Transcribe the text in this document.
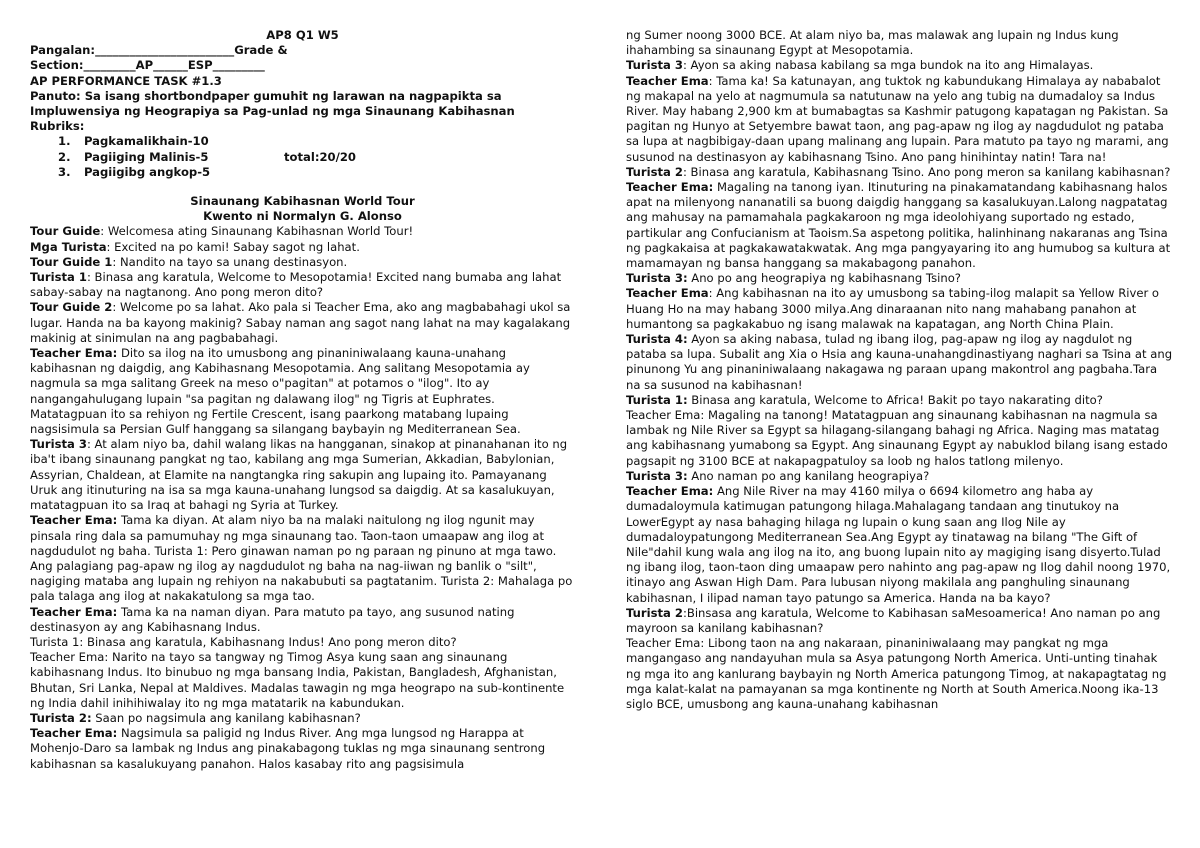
AP8 Q1 W5

Pangalan:________________________Grade &

Section:_________AP______ESP_________

AP PERFORMANCE TASK #1.3

Panuto: Sa isang shortbondpaper gumuhit ng larawan na nagpapikta sa Impluwensiya ng Heograpiya sa Pag-unlad ng mga Sinaunang Kabihasnan

Rubriks:

1. Pagkamalikhain-10
2. Pagiiging Malinis-5	total:20/20
3. Pagiigibg angkop-5

Sinaunang Kabihasnan World Tour

Kwento ni Normalyn G. Alonso

Tour Guide: Welcomesa ating Sinaunang Kabihasnan World Tour!

Mga Turista: Excited na po kami! Sabay sagot ng lahat.

Tour Guide 1: Nandito na tayo sa unang destinasyon.

Turista 1: Binasa ang karatula, Welcome to Mesopotamia! Excited nang bumaba ang lahat

sabay-sabay na nagtanong. Ano pong meron dito?

Tour Guide 2: Welcome po sa lahat. Ako pala si Teacher Ema, ako ang magbabahagi ukol sa lugar. Handa na ba kayong makinig? Sabay naman ang sagot nang lahat na may kagalakang makinig at sinimulan na ang pagbabahagi.

Teacher Ema: Dito sa ilog na ito umusbong ang pinaniniwalaang kauna-unahang kabihasnan ng daigdig, ang Kabihasnang Mesopotamia. Ang salitang Mesopotamia ay nagmula sa mga salitang Greek na meso o"pagitan" at potamos o "ilog". Ito ay nangangahulugang lupain "sa pagitan ng dalawang ilog" ng Tigris at Euphrates. Matatagpuan ito sa rehiyon ng Fertile Crescent, isang paarkong matabang lupaing nagsisimula sa Persian Gulf hanggang sa silangang baybayin ng Mediterranean Sea.

Turista 3: At alam niyo ba, dahil walang likas na hangganan, sinakop at pinanahanan ito ng iba't ibang sinaunang pangkat ng tao, kabilang ang mga Sumerian, Akkadian, Babylonian, Assyrian, Chaldean, at Elamite na nangtangka ring sakupin ang lupaing ito. Pamayanang Uruk ang itinuturing na isa sa mga kauna-unahang lungsod sa daigdig. At sa kasalukuyan, matatagpuan ito sa Iraq at bahagi ng Syria at Turkey.

Teacher Ema: Tama ka diyan. At alam niyo ba na malaki naitulong ng ilog ngunit may pinsala ring dala sa pamumuhay ng mga sinaunang tao. Taon-taon umaapaw ang ilog at nagdudulot ng baha. Turista 1: Pero ginawan naman po ng paraan ng pinuno at mga tawo. Ang palagiang pag-apaw ng ilog ay nagdudulot ng baha na nag-iiwan ng banlik o "silt", nagiging mataba ang lupain ng rehiyon na nakabubuti sa pagtatanim. Turista 2: Mahalaga po pala talaga ang ilog at nakakatulong sa mga tao.

Teacher Ema: Tama ka na naman diyan. Para matuto pa tayo, ang susunod nating destinasyon ay ang Kabihasnang Indus.

Turista 1: Binasa ang karatula, Kabihasnang Indus! Ano pong meron dito?

Teacher Ema: Narito na tayo sa tangway ng Timog Asya kung saan ang sinaunang kabihasnang Indus. Ito binubuo ng mga bansang India, Pakistan, Bangladesh, Afghanistan, Bhutan, Sri Lanka, Nepal at Maldives. Madalas tawagin ng mga heograpo na sub-kontinente ng India dahil inihihiwalay ito ng mga matatarik na kabundukan.

Turista 2: Saan po nagsimula ang kanilang kabihasnan?

Teacher Ema: Nagsimula sa paligid ng Indus River. Ang mga lungsod ng Harappa at Mohenjo-Daro sa lambak ng Indus ang pinakabagong tuklas ng mga sinaunang sentrong kabihasnan sa kasalukuyang panahon. Halos kasabay rito ang pagsisimula

ng Sumer noong 3000 BCE. At alam niyo ba, mas malawak ang lupain ng Indus kung ihahambing sa sinaunang Egypt at Mesopotamia.

Turista 3: Ayon sa aking nabasa kabilang sa mga bundok na ito ang Himalayas.

Teacher Ema: Tama ka! Sa katunayan, ang tuktok ng kabundukang Himalaya ay nababalot ng makapal na yelo at nagmumula sa natutunaw na yelo ang tubig na dumadaloy sa Indus River. May habang 2,900 km at bumabagtas sa Kashmir patugong kapatagan ng Pakistan. Sa pagitan ng Hunyo at Setyembre bawat taon, ang pag-apaw ng ilog ay nagdudulot ng pataba sa lupa at nagbibigay-daan upang malinang ang lupain. Para matuto pa tayo ng marami, ang susunod na destinasyon ay kabihasnang Tsino. Ano pang hinihintay natin! Tara na!

Turista 2: Binasa ang karatula, Kabihasnang Tsino. Ano pong meron sa kanilang kabihasnan?

Teacher Ema: Magaling na tanong iyan. Itinuturing na pinakamatandang kabihasnang halos apat na milenyong nananatili sa buong daigdig hanggang sa kasalukuyan.Lalong nagpatatag ang mahusay na pamamahala pagkakaroon ng mga ideolohiyang suportado ng estado, partikular ang Confucianism at Taoism.Sa aspetong politika, halinhinang nakaranas ang Tsina ng pagkakaisa at pagkakawatakwatak. Ang mga pangyayaring ito ang humubog sa kultura at mamamayan ng bansa hanggang sa makabagong panahon.

Turista 3: Ano po ang heograpiya ng kabihasnang Tsino?

Teacher Ema: Ang kabihasnan na ito ay umusbong sa tabing-ilog malapit sa Yellow River o Huang Ho na may habang 3000 milya.Ang dinaraanan nito nang mahabang panahon at humantong sa pagkakabuo ng isang malawak na kapatagan, ang North China Plain.

Turista 4: Ayon sa aking nabasa, tulad ng ibang ilog, pag-apaw ng ilog ay nagdulot ng pataba sa lupa. Subalit ang Xia o Hsia ang kauna-unahangdinastiyang naghari sa Tsina at ang pinunong Yu ang pinaniniwalaang nakagawa ng paraan upang makontrol ang pagbaha.Tara na sa susunod na kabihasnan!

Turista 1: Binasa ang karatula, Welcome to Africa! Bakit po tayo nakarating dito?

Teacher Ema: Magaling na tanong! Matatagpuan ang sinaunang kabihasnan na nagmula sa lambak ng Nile River sa Egypt sa hilagang-silangang bahagi ng Africa. Naging mas matatag ang kabihasnang yumabong sa Egypt. Ang sinaunang Egypt ay nabuklod bilang isang estado pagsapit ng 3100 BCE at nakapagpatuloy sa loob ng halos tatlong milenyo.

Turista 3: Ano naman po ang kanilang heograpiya?

Teacher Ema: Ang Nile River na may 4160 milya o 6694 kilometro ang haba ay dumadaloymula katimugan patungong hilaga.Mahalagang tandaan ang tinutukoy na LowerEgypt ay nasa bahaging hilaga ng lupain o kung saan ang Ilog Nile ay dumadaloypatungong Mediterranean Sea.Ang Egypt ay tinatawag na bilang "The Gift of Nile"dahil kung wala ang ilog na ito, ang buong lupain nito ay magiging isang disyerto.Tulad ng ibang ilog, taon-taon ding umaapaw pero nahinto ang pag-apaw ng Ilog dahil noong 1970, itinayo ang Aswan High Dam. Para lubusan niyong makilala ang panghuling sinaunang kabihasnan, I ilipad naman tayo patungo sa America. Handa na ba kayo?

Turista 2:Binsasa ang karatula, Welcome to Kabihasan saMesoamerica! Ano naman po ang mayroon sa kanilang kabihasnan?

Teacher Ema: Libong taon na ang nakaraan, pinaniniwalaang may pangkat ng mga mangangaso ang nandayuhan mula sa Asya patungong North America. Unti-unting tinahak ng mga ito ang kanlurang baybayin ng North America patungong Timog, at nakapagtatag ng mga kalat-kalat na pamayanan sa mga kontinente ng North at South America.Noong ika-13 siglo BCE, umusbong ang kauna-unahang kabihasnan
